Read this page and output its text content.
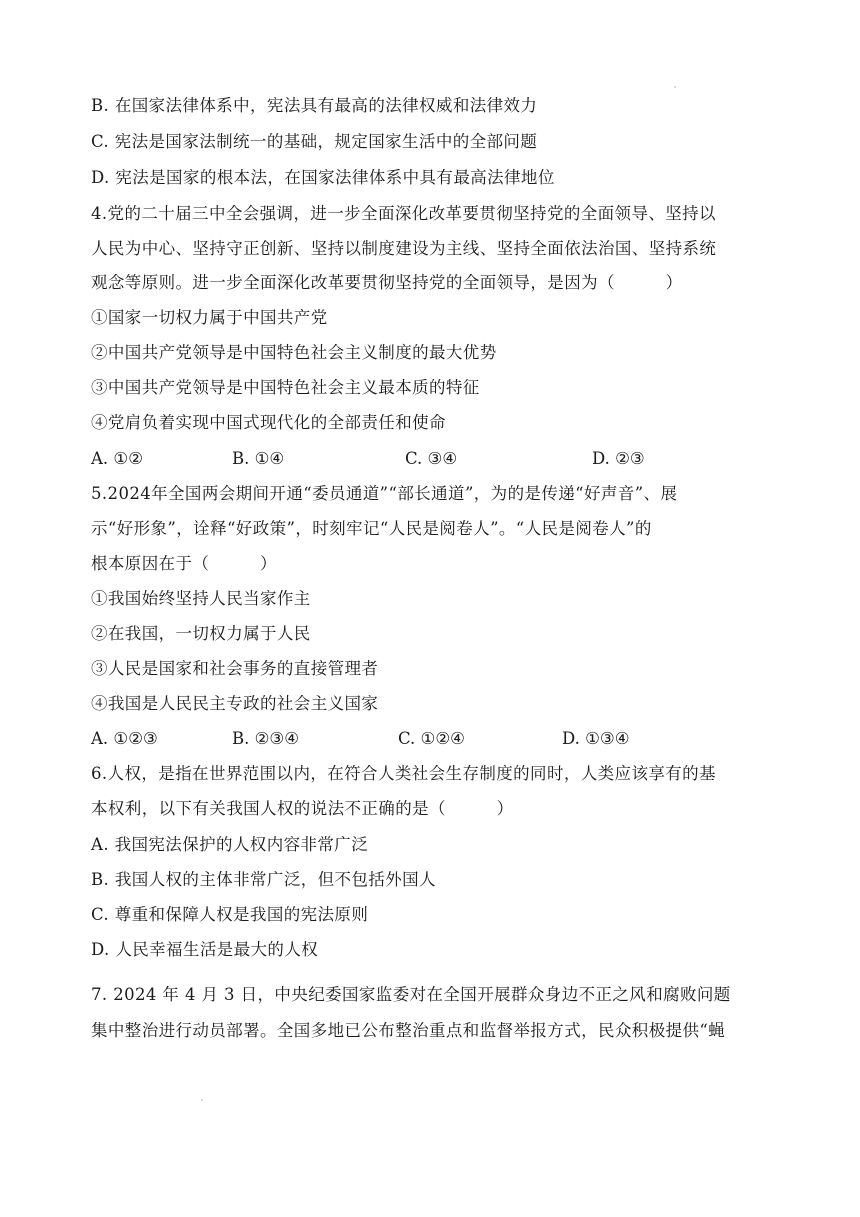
B. 在国家法律体系中，宪法具有最高的法律权威和法律效力
C. 宪法是国家法制统一的基础，规定国家生活中的全部问题
D. 宪法是国家的根本法，在国家法律体系中具有最高法律地位
4.党的二十届三中全会强调，进一步全面深化改革要贯彻坚持党的全面领导、坚持以
人民为中心、坚持守正创新、坚持以制度建设为主线、坚持全面依法治国、坚持系统
观念等原则。进一步全面深化改革要贯彻坚持党的全面领导，是因为（　　　）
①国家一切权力属于中国共产党
②中国共产党领导是中国特色社会主义制度的最大优势
③中国共产党领导是中国特色社会主义最本质的特征
④党肩负着实现中国式现代化的全部责任和使命
A. ①②	B. ①④	C. ③④	D. ②③
5.2024年全国两会期间开通“委员通道”“部长通道”，为的是传递“好声音”、展
示“好形象”，诠释“好政策”，时刻牢记“人民是阅卷人”。“人民是阅卷人”的
根本原因在于（　　　）
①我国始终坚持人民当家作主
②在我国，一切权力属于人民
③人民是国家和社会事务的直接管理者
④我国是人民民主专政的社会主义国家
A. ①②③	B. ②③④	C. ①②④	D. ①③④
6.人权，是指在世界范围以内，在符合人类社会生存制度的同时，人类应该享有的基
本权利，以下有关我国人权的说法不正确的是（　　　）
A. 我国宪法保护的人权内容非常广泛
B. 我国人权的主体非常广泛，但不包括外国人
C. 尊重和保障人权是我国的宪法原则
D. 人民幸福生活是最大的人权
7. 2024 年 4 月 3 日，中央纪委国家监委对在全国开展群众身边不正之风和腐败问题
集中整治进行动员部署。全国多地已公布整治重点和监督举报方式，民众积极提供“蝇
